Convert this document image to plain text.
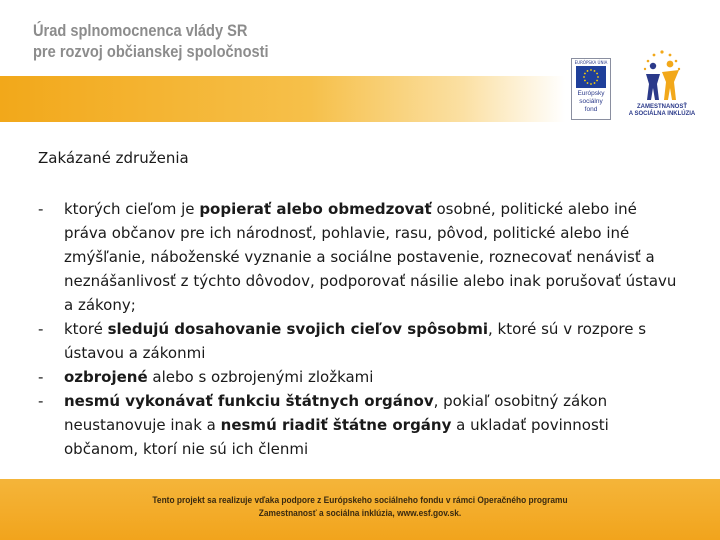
Úrad splnomocnenca vlády SR
pre rozvoj občianskej spoločnosti
EURÓPSKA ÚNIA
Európsky
sociálny
fond	ZAMESTNANOSŤ
A SOCIÁLNA INKLÚZIA
Zakázané združenia
- ktorých cieľom je popierať alebo obmedzovať osobné, politické alebo iné práva občanov pre ich národnosť, pohlavie, rasu, pôvod, politické alebo iné zmýšľanie, náboženské vyznanie a sociálne postavenie, roznecovať nenávisť a neznášanlivosť z týchto dôvodov, podporovať násilie alebo inak porušovať ústavu a zákony;
- ktoré sledujú dosahovanie svojich cieľov spôsobmi, ktoré sú v rozpore s ústavou a zákonmi
- ozbrojené alebo s ozbrojenými zložkami
- nesmú vykonávať funkciu štátnych orgánov, pokiaľ osobitný zákon neustanovuje inak a nesmú riadiť štátne orgány a ukladať povinnosti občanom, ktorí nie sú ich členmi
Tento projekt sa realizuje vďaka podpore z Európskeho sociálneho fondu v rámci Operačného programu
Zamestnanosť a sociálna inklúzia, www.esf.gov.sk.
